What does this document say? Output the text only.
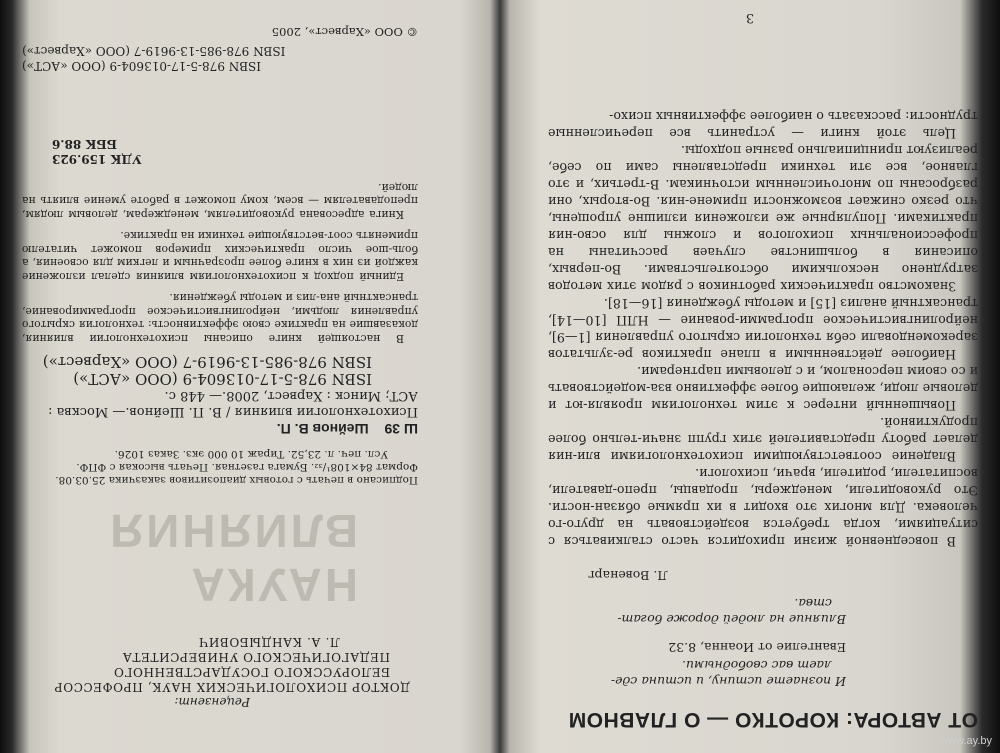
ОТ АВТОРА: КОРОТКО — О ГЛАВНОМ
И познаете истину, и истина сде-
лает вас свободными.
Евангелие от Иоанна, 8.32
Влияние на людей дороже богат-
ства.
Л. Вовенарг

В повседневной жизни приходится часто сталкиваться с ситуациями, когда требуется воздействовать на друго-го человека. Для многих это входит в их прямые обязан-ности. Это руководители, менеджеры, продавцы, препо-даватели, воспитатели, родители, врачи, психологи.

Владение соответствующими психотехнологиями вли-ния делает работу представителей этих групп значи-тельно более продуктивной.

Повышенный интерес к этим технологиям проявля-ют и деловые люди, желающие более эффективно вза-модействовать и со своим персоналом, и с деловыми партнерами.

Наиболее действенными в плане практиков ре-зультатов зарекомендовали себя технологии скрытого управления [1—9], нейролингвистическое программи-рование — НЛП [10—14], трансактный анализ [15] и методы убеждения [16—18].

Знакомство практических работников с рядом этих методов затруднено несколькими обстоятельствами. Во-первых, описания в большинстве случаев рассчитаны на профессиональных психологов и сложны для осво-ния практиками. Популярные же изложения излишне упрощены, что резко снижает возможности примене-ния. Во-вторых, они разбросаны по многочисленным источникам. В-третьих, и это главное, все эти техники представлены сами по себе, реализуют принципиально разные подходы.

Цель этой книги — устранить все перечисленные трудности: рассказать о наиболее эффективных психо-

3
Рецензент:
ДОКТОР ПСИХОЛОГИЧЕСКИХ НАУК, ПРОФЕССОР
БЕЛОРУССКОГО ГОСУДАРСТВЕННОГО
ПЕДАГОГИЧЕСКОГО УНИВЕРСИТЕТА
Л. А. КАНДЫБОВИЧ
НАУКА ВЛИЯНИЯ
Подписано в печать с готовых диапозитивов заказчика 25.03.08.
Формат 84×108¹/₃₂. Бумага газетная. Печать высокая с ФПФ.
Усл. печ. л. 23,52. Тираж 10 000 экз. Заказ 1026.
Ш 39 Шейнов В. П.
Психотехнологии влияния / В. П. Шейнов.— Москва : АСТ; Минск : Харвест, 2008.— 448 с.
ISBN 978-5-17-013604-9 (ООО «АСТ»)
ISBN 978-985-13-9619-7 (ООО «Харвест»)
В настоящей книге описаны психотехнологии влияния, доказавшие на практике свою эффективность: технология скрытого управления людьми, нейролингвистическое программирование, трансактный ана-лиз и методы убеждения.
Единый подход к психотехнологиям влияния сделал изложение каждой из них в книге более прозрачным и легким для освоения, а боль-шое число практических примеров поможет читателю применять соот-ветствующие техники на практике.
Книга адресована руководителям, менеджерам, деловым людям, преподавателям — всем, кому поможет в работе умение влиять на людей.
УДК 159.923
ББК 88.6
ISBN 978-5-17-013604-9 (ООО «АСТ»)
ISBN 978-985-13-9619-7 (ООО «Харвест»)
© ООО «Харвест», 2005
www.ay.by
